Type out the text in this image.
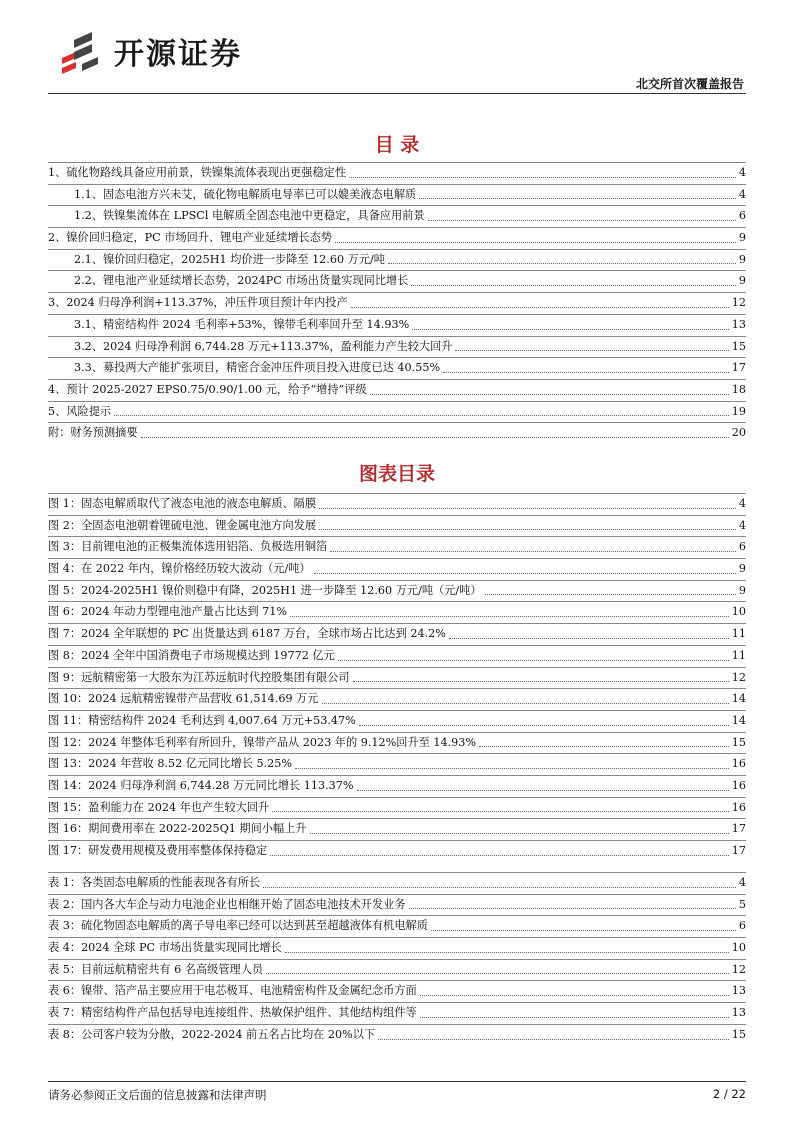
开源证券
北交所首次覆盖报告
目 录
1、 硫化物路线具备应用前景，铁镍集流体表现出更强稳定性	4
1.1、 固态电池方兴未艾，硫化物电解质电导率已可以媲美液态电解质	4
1.2、 铁镍集流体在 LPSCl 电解质全固态电池中更稳定，具备应用前景	6
2、 镍价回归稳定，PC 市场回升、锂电产业延续增长态势	9
2.1、 镍价回归稳定，2025H1 均价进一步降至 12.60 万元/吨	9
2.2、 锂电池产业延续增长态势，2024PC 市场出货量实现同比增长	9
3、 2024 归母净利润+113.37%，冲压件项目预计年内投产	12
3.1、 精密结构件 2024 毛利率+53%，镍带毛利率回升至 14.93%	13
3.2、 2024 归母净利润 6,744.28 万元+113.37%，盈利能力产生较大回升	15
3.3、 募投两大产能扩张项目，精密合金冲压件项目投入进度已达 40.55%	17
4、 预计 2025-2027 EPS0.75/0.90/1.00 元，给予“增持”评级	18
5、 风险提示	19
附： 财务预测摘要	20
图表目录
图 1： 固态电解质取代了液态电池的液态电解质、隔膜	4
图 2： 全固态电池朝着锂硫电池、锂金属电池方向发展	4
图 3： 目前锂电池的正极集流体选用铝箔、负极选用铜箔	6
图 4： 在 2022 年内，镍价格经历较大波动（元/吨）	9
图 5： 2024-2025H1 镍价则稳中有降，2025H1 进一步降至 12.60 万元/吨（元/吨）	9
图 6： 2024 年动力型锂电池产量占比达到 71%	10
图 7： 2024 全年联想的 PC 出货量达到 6187 万台，全球市场占比达到 24.2%	11
图 8： 2024 全年中国消费电子市场规模达到 19772 亿元	11
图 9： 远航精密第一大股东为江苏远航时代控股集团有限公司	12
图 10： 2024 远航精密镍带产品营收 61,514.69 万元	14
图 11： 精密结构件 2024 毛利达到 4,007.64 万元+53.47%	14
图 12： 2024 年整体毛利率有所回升，镍带产品从 2023 年的 9.12%回升至 14.93%	15
图 13： 2024 年营收 8.52 亿元同比增长 5.25%	16
图 14： 2024 归母净利润 6,744.28 万元同比增长 113.37%	16
图 15： 盈利能力在 2024 年也产生较大回升	16
图 16： 期间费用率在 2022-2025Q1 期间小幅上升	17
图 17： 研发费用规模及费用率整体保持稳定	17
表 1： 各类固态电解质的性能表现各有所长	4
表 2： 国内各大车企与动力电池企业也相继开始了固态电池技术开发业务	5
表 3： 硫化物固态电解质的离子导电率已经可以达到甚至超越液体有机电解质	6
表 4： 2024 全球 PC 市场出货量实现同比增长	10
表 5： 目前远航精密共有 6 名高级管理人员	12
表 6： 镍带、箔产品主要应用于电芯极耳、电池精密构件及金属纪念币方面	13
表 7： 精密结构件产品包括导电连接组件、热敏保护组件、其他结构组件等	13
表 8： 公司客户较为分散，2022-2024 前五名占比均在 20%以下	15
请务必参阅正文后面的信息披露和法律声明	2 / 22
